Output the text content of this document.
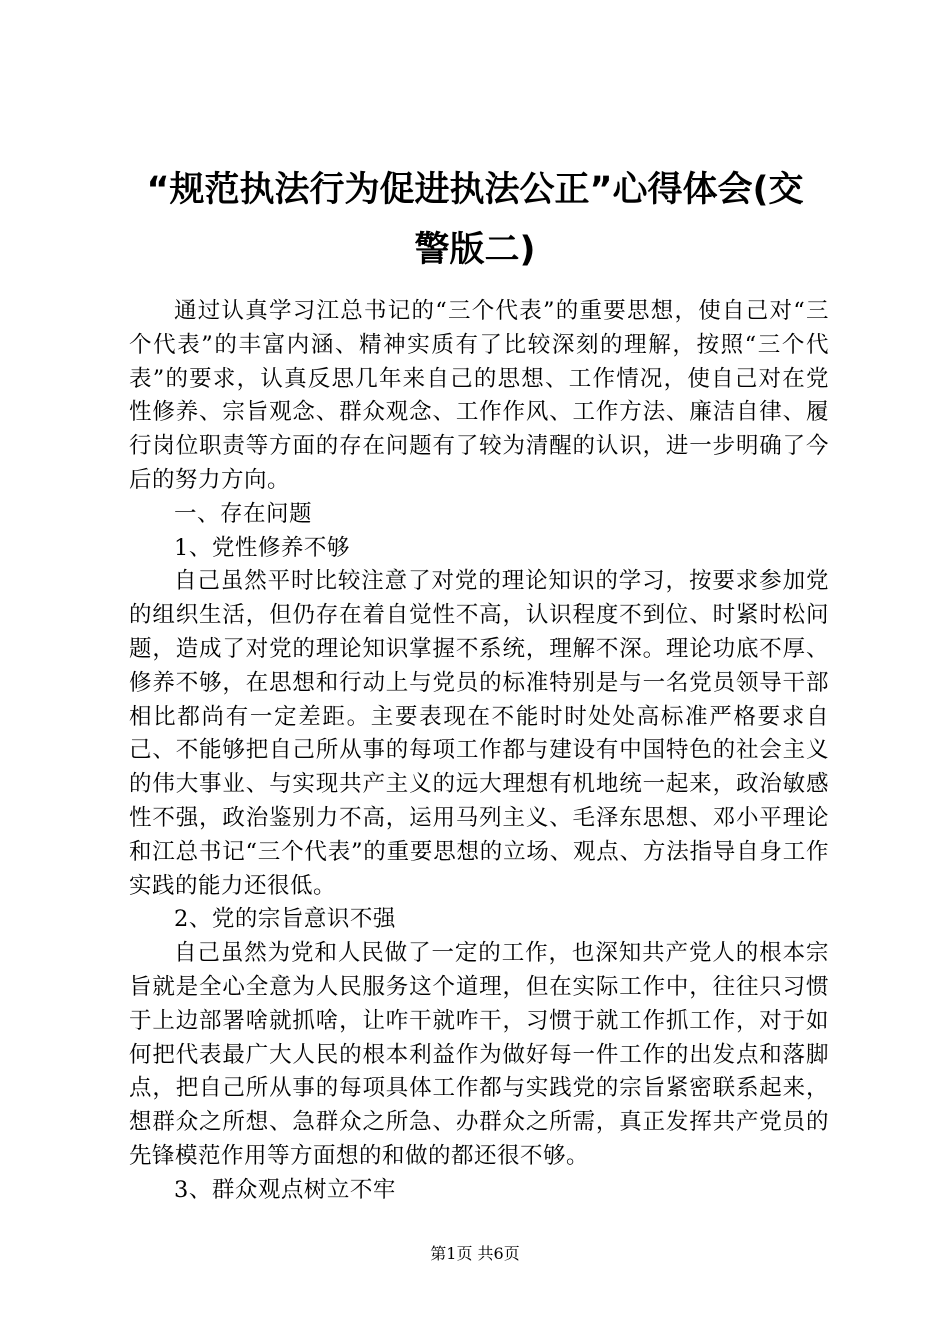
“规范执法行为促进执法公正”心得体会(交
警版二)

通过认真学习江总书记的“三个代表”的重要思想，使自己对“三个代表”的丰富内涵、精神实质有了比较深刻的理解，按照“三个代表”的要求，认真反思几年来自己的思想、工作情况，使自己对在党性修养、宗旨观念、群众观念、工作作风、工作方法、廉洁自律、履行岗位职责等方面的存在问题有了较为清醒的认识，进一步明确了今后的努力方向。

一、存在问题

1、党性修养不够

自己虽然平时比较注意了对党的理论知识的学习，按要求参加党的组织生活，但仍存在着自觉性不高，认识程度不到位、时紧时松问题，造成了对党的理论知识掌握不系统，理解不深。理论功底不厚、修养不够，在思想和行动上与党员的标准特别是与一名党员领导干部相比都尚有一定差距。主要表现在不能时时处处高标准严格要求自己、不能够把自己所从事的每项工作都与建设有中国特色的社会主义的伟大事业、与实现共产主义的远大理想有机地统一起来，政治敏感性不强，政治鉴别力不高，运用马列主义、毛泽东思想、邓小平理论和江总书记“三个代表”的重要思想的立场、观点、方法指导自身工作实践的能力还很低。

2、党的宗旨意识不强

自己虽然为党和人民做了一定的工作，也深知共产党人的根本宗旨就是全心全意为人民服务这个道理，但在实际工作中，往往只习惯于上边部署啥就抓啥，让咋干就咋干，习惯于就工作抓工作，对于如何把代表最广大人民的根本利益作为做好每一件工作的出发点和落脚点，把自己所从事的每项具体工作都与实践党的宗旨紧密联系起来，想群众之所想、急群众之所急、办群众之所需，真正发挥共产党员的先锋模范作用等方面想的和做的都还很不够。

3、群众观点树立不牢

第1页 共6页
